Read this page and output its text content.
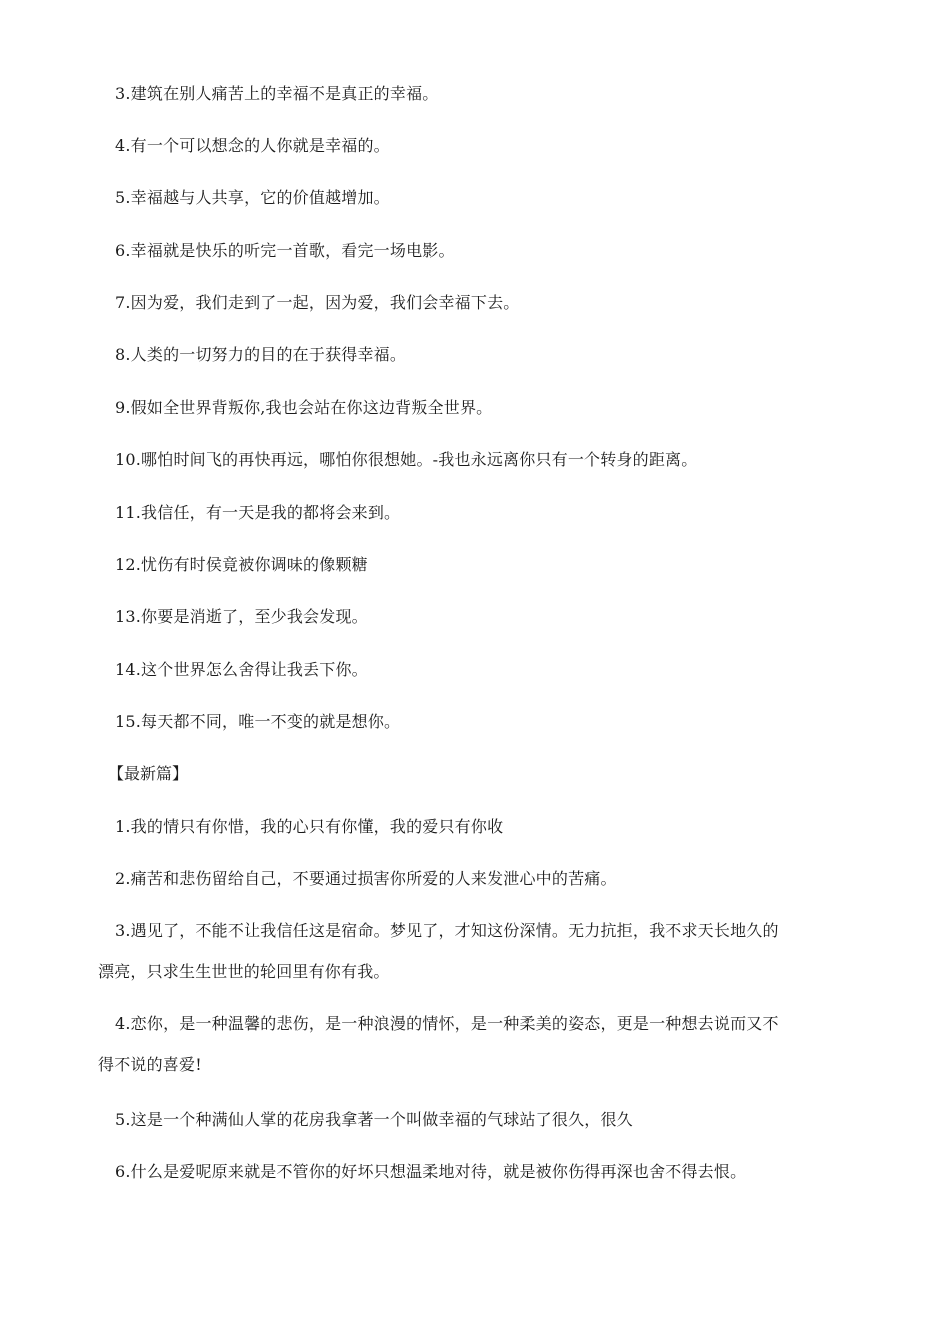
3.建筑在别人痛苦上的幸福不是真正的幸福。
4.有一个可以想念的人你就是幸福的。
5.幸福越与人共享，它的价值越增加。
6.幸福就是快乐的听完一首歌，看完一场电影。
7.因为爱，我们走到了一起，因为爱，我们会幸福下去。
8.人类的一切努力的目的在于获得幸福。
9.假如全世界背叛你,我也会站在你这边背叛全世界。
10.哪怕时间飞的再快再远，哪怕你很想她。-我也永远离你只有一个转身的距离。
11.我信任，有一天是我的都将会来到。
12.忧伤有时侯竟被你调味的像颗糖
13.你要是消逝了，至少我会发现。
14.这个世界怎么舍得让我丢下你。
15.每天都不同，唯一不变的就是想你。
【最新篇】
1.我的情只有你惜，我的心只有你懂，我的爱只有你收
2.痛苦和悲伤留给自己，不要通过损害你所爱的人来发泄心中的苦痛。
3.遇见了，不能不让我信任这是宿命。梦见了，才知这份深情。无力抗拒，我不求天长地久的
漂亮，只求生生世世的轮回里有你有我。
4.恋你，是一种温馨的悲伤，是一种浪漫的情怀，是一种柔美的姿态，更是一种想去说而又不
得不说的喜爱!
5.这是一个种满仙人掌的花房我拿著一个叫做幸福的气球站了很久，很久
6.什么是爱呢原来就是不管你的好坏只想温柔地对待，就是被你伤得再深也舍不得去恨。
